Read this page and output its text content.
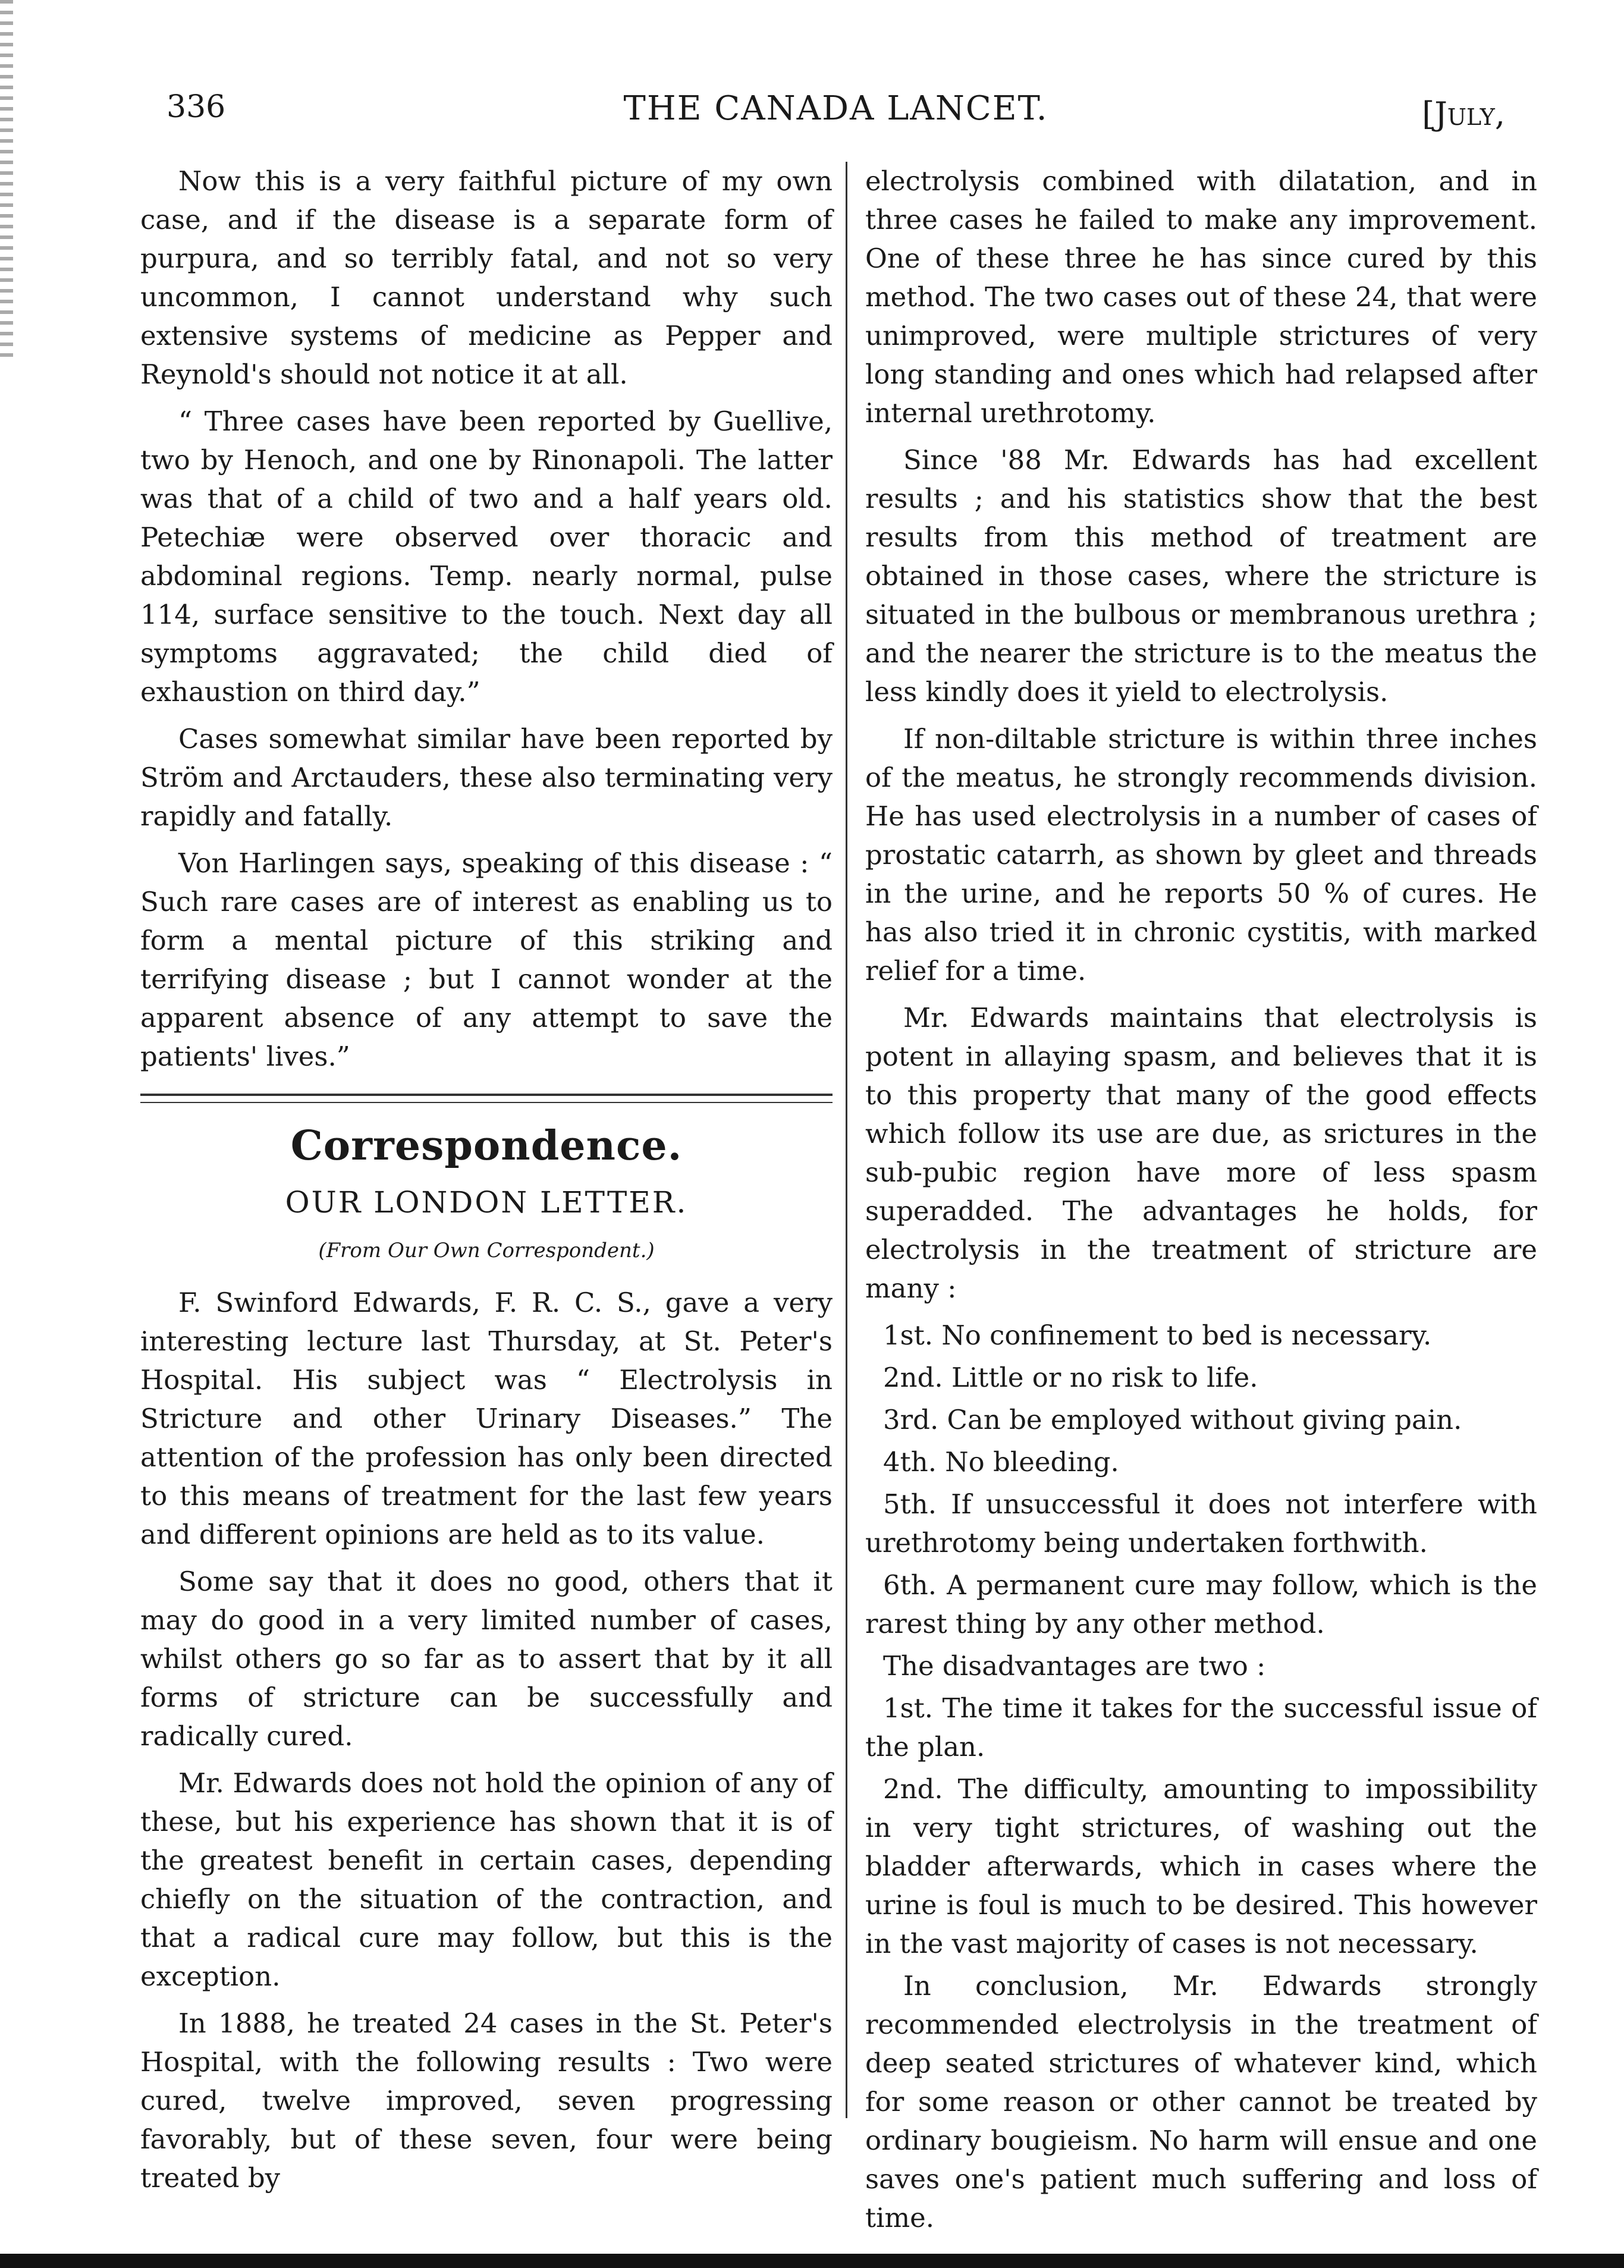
336	THE CANADA LANCET.	[July,

Now this is a very faithful picture of my own case, and if the disease is a separate form of purpura, and so terribly fatal, and not so very uncommon, I cannot understand why such extensive systems of medicine as Pepper and Reynold's should not notice it at all.

“ Three cases have been reported by Guellive, two by Henoch, and one by Rinonapoli. The latter was that of a child of two and a half years old. Petechiæ were observed over thoracic and abdominal regions. Temp. nearly normal, pulse 114, surface sensitive to the touch. Next day all symptoms aggravated; the child died of exhaustion on third day.”

Cases somewhat similar have been reported by Ström and Arctauders, these also terminating very rapidly and fatally.

Von Harlingen says, speaking of this disease : “ Such rare cases are of interest as enabling us to form a mental picture of this striking and terrifying disease ; but I cannot wonder at the apparent absence of any attempt to save the patients' lives.”

Correspondence.
OUR LONDON LETTER.
(From Our Own Correspondent.)

F. Swinford Edwards, F. R. C. S., gave a very interesting lecture last Thursday, at St. Peter's Hospital. His subject was “ Electrolysis in Stricture and other Urinary Diseases.” The attention of the profession has only been directed to this means of treatment for the last few years and different opinions are held as to its value.

Some say that it does no good, others that it may do good in a very limited number of cases, whilst others go so far as to assert that by it all forms of stricture can be successfully and radically cured.

Mr. Edwards does not hold the opinion of any of these, but his experience has shown that it is of the greatest benefit in certain cases, depending chiefly on the situation of the contraction, and that a radical cure may follow, but this is the exception.

In 1888, he treated 24 cases in the St. Peter's Hospital, with the following results : Two were cured, twelve improved, seven progressing favorably, but of these seven, four were being treated by

electrolysis combined with dilatation, and in three cases he failed to make any improvement. One of these three he has since cured by this method. The two cases out of these 24, that were unimproved, were multiple strictures of very long standing and ones which had relapsed after internal urethrotomy.

Since '88 Mr. Edwards has had excellent results ; and his statistics show that the best results from this method of treatment are obtained in those cases, where the stricture is situated in the bulbous or membranous urethra ; and the nearer the stricture is to the meatus the less kindly does it yield to electrolysis.

If non-diltable stricture is within three inches of the meatus, he strongly recommends division. He has used electrolysis in a number of cases of prostatic catarrh, as shown by gleet and threads in the urine, and he reports 50 % of cures. He has also tried it in chronic cystitis, with marked relief for a time.

Mr. Edwards maintains that electrolysis is potent in allaying spasm, and believes that it is to this property that many of the good effects which follow its use are due, as srictures in the sub-pubic region have more of less spasm superadded. The advantages he holds, for electrolysis in the treatment of stricture are many :

1st. No confinement to bed is necessary.

2nd. Little or no risk to life.

3rd. Can be employed without giving pain.

4th. No bleeding.

5th. If unsuccessful it does not interfere with urethrotomy being undertaken forthwith.

6th. A permanent cure may follow, which is the rarest thing by any other method.

The disadvantages are two :

1st. The time it takes for the successful issue of the plan.

2nd. The difficulty, amounting to impossibility in very tight strictures, of washing out the bladder afterwards, which in cases where the urine is foul is much to be desired. This however in the vast majority of cases is not necessary.

In conclusion, Mr. Edwards strongly recommended electrolysis in the treatment of deep seated strictures of whatever kind, which for some reason or other cannot be treated by ordinary bougieism. No harm will ensue and one saves one's patient much suffering and loss of time.
